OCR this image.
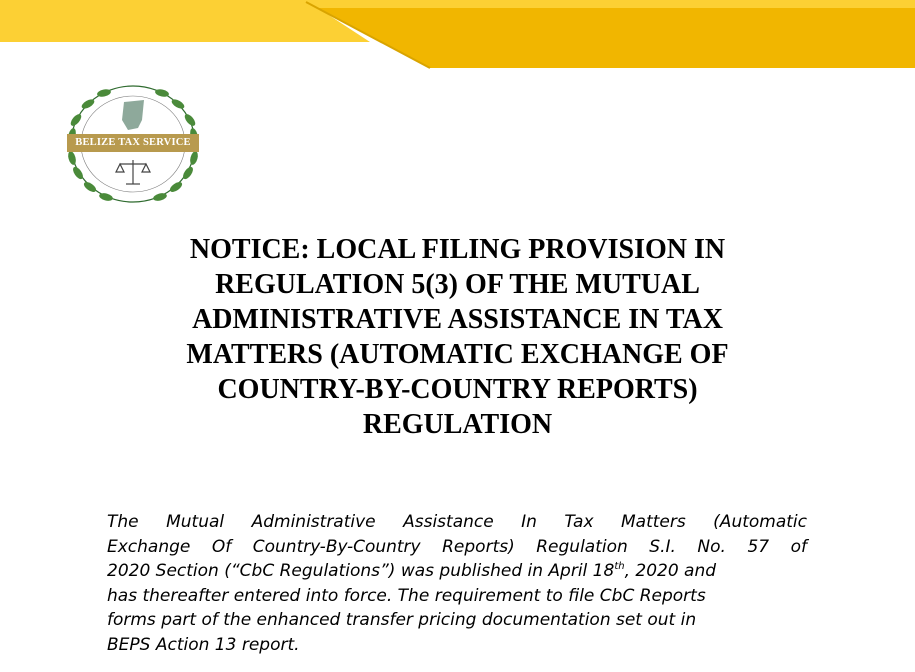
BELIZE TAX SERVICE
NOTICE: LOCAL FILING PROVISION IN
REGULATION 5(3) OF THE MUTUAL
ADMINISTRATIVE ASSISTANCE IN TAX
MATTERS (AUTOMATIC EXCHANGE OF
COUNTRY-BY-COUNTRY REPORTS)
REGULATION
The Mutual Administrative Assistance In Tax Matters (Automatic
Exchange Of Country-By-Country Reports) Regulation S.I. No. 57 of
2020 Section (“CbC Regulations”) was published in April 18th, 2020 and
has thereafter entered into force. The requirement to file CbC Reports
forms part of the enhanced transfer pricing documentation set out in
BEPS Action 13 report.
